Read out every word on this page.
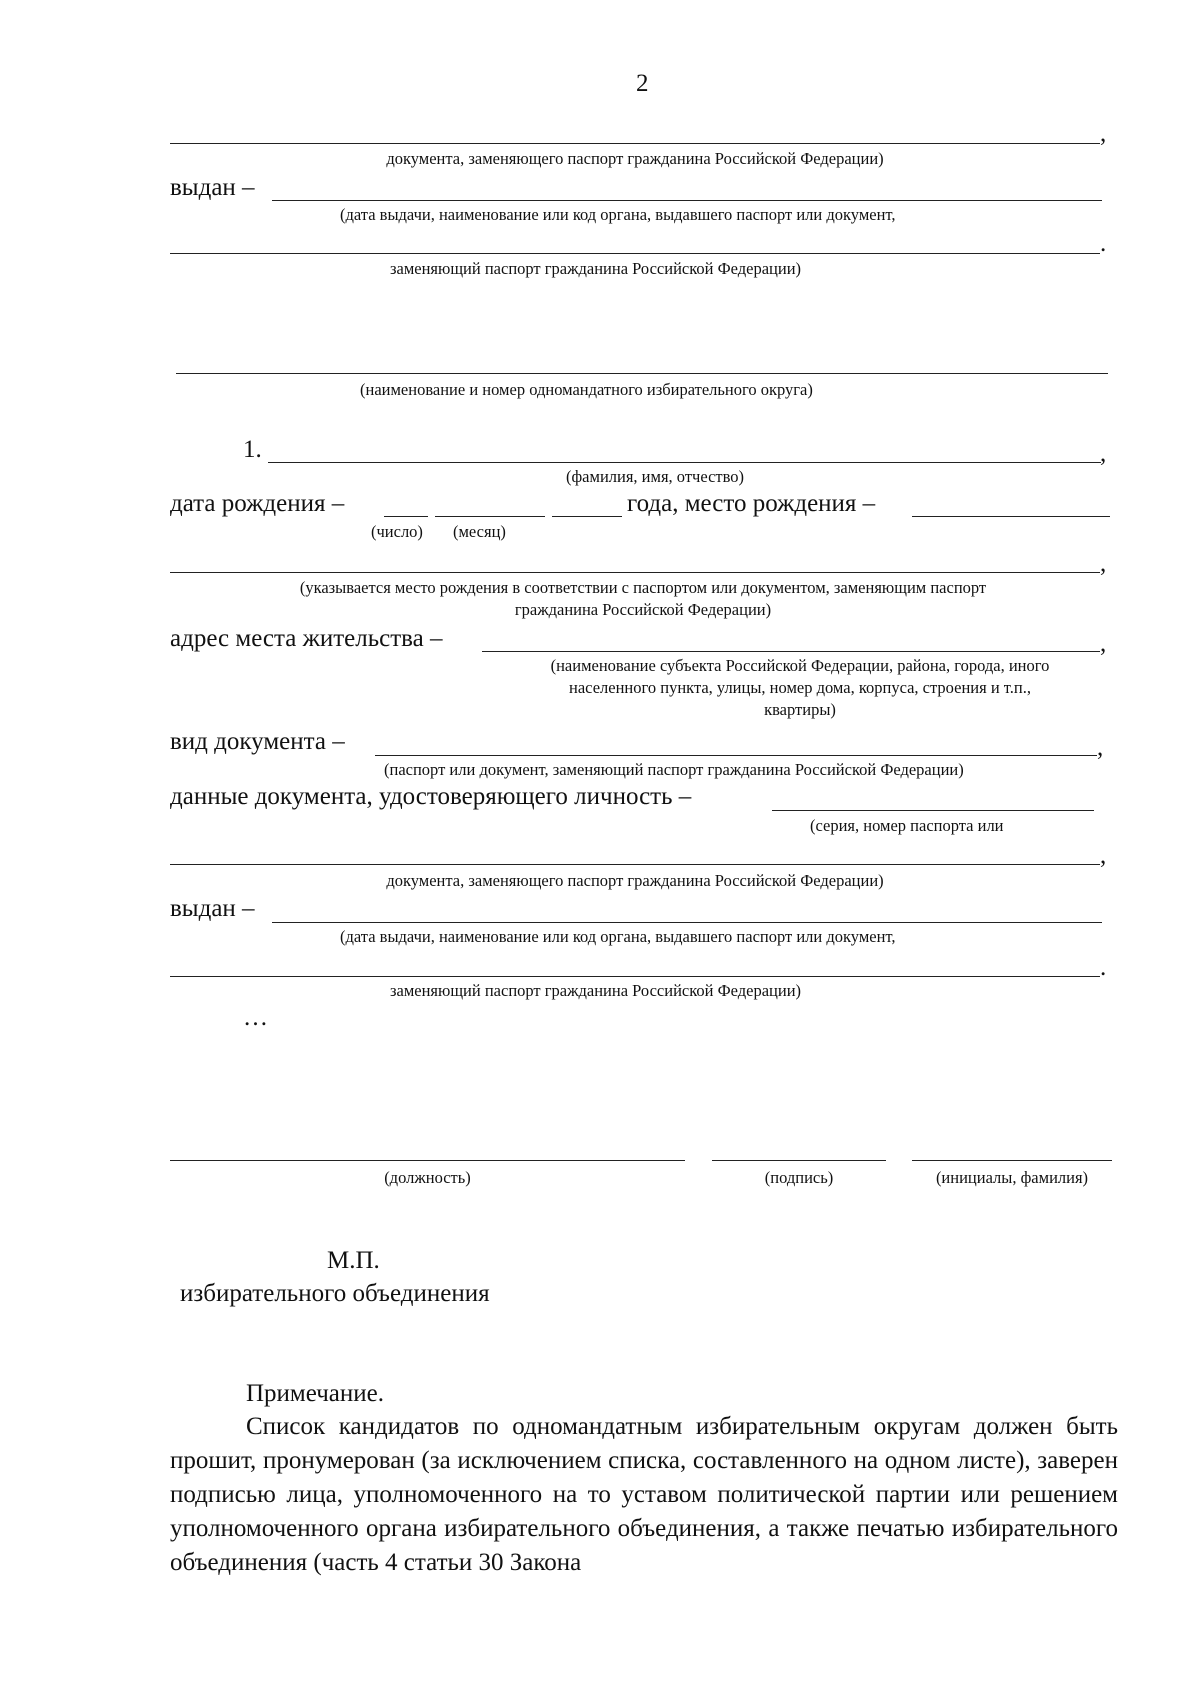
2
,
документа, заменяющего паспорт гражданина Российской Федерации)
выдан –
(дата выдачи, наименование или код органа, выдавшего паспорт или документ,
.
заменяющий паспорт гражданина Российской Федерации)
(наименование и номер одномандатного избирательного округа)
1.	,
(фамилия, имя, отчество)
дата рождения –	года, место рождения –
(число) (месяц)
,
(указывается место рождения в соответствии с паспортом или документом, заменяющим паспорт
гражданина Российской Федерации)
адрес места жительства –	,
(наименование субъекта Российской Федерации, района, города, иного
населенного пункта, улицы, номер дома, корпуса, строения и т.п.,
квартиры)
вид документа –	,
(паспорт или документ, заменяющий паспорт гражданина Российской Федерации)
данные документа, удостоверяющего личность –
(серия, номер паспорта или
,
документа, заменяющего паспорт гражданина Российской Федерации)
выдан –
(дата выдачи, наименование или код органа, выдавшего паспорт или документ,
.
заменяющий паспорт гражданина Российской Федерации)
…
(должность)	(подпись)	(инициалы, фамилия)
М.П.
избирательного объединения
Примечание.
Список кандидатов по одномандатным избирательным округам должен быть прошит, пронумерован (за исключением списка, составленного на одном листе), заверен подписью лица, уполномоченного на то уставом политической партии или решением уполномоченного органа избирательного объединения, а также печатью избирательного объединения (часть 4 статьи 30 Закона
